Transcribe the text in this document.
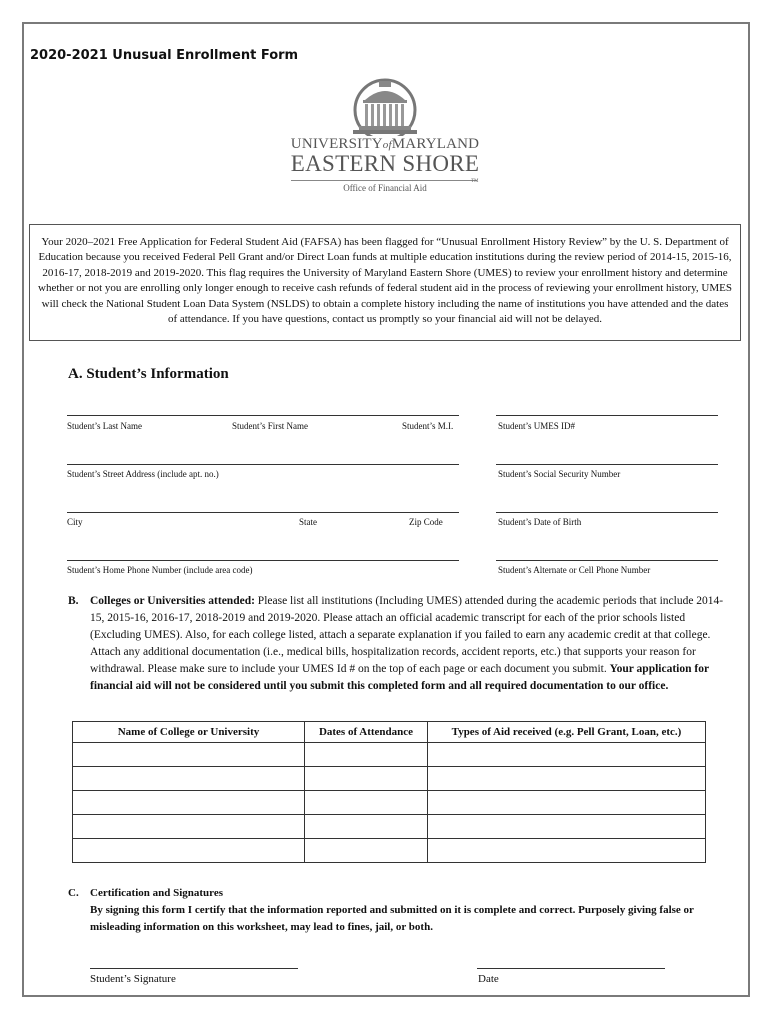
2020-2021 Unusual Enrollment Form
UNIVERSITYofMARYLAND
EASTERN SHORE
Office of Financial Aid
TM
Your 2020–2021 Free Application for Federal Student Aid (FAFSA) has been flagged for “Unusual Enrollment History Review” by the U. S. Department of Education because you received Federal Pell Grant and/or Direct Loan funds at multiple education institutions during the review period of 2014-15, 2015-16, 2016-17, 2018-2019 and 2019-2020. This flag requires the University of Maryland Eastern Shore (UMES) to review your enrollment history and determine whether or not you are enrolling only longer enough to receive cash refunds of federal student aid in the process of reviewing your enrollment history, UMES will check the National Student Loan Data System (NSLDS) to obtain a complete history including the name of institutions you have attended and the dates of attendance. If you have questions, contact us promptly so your financial aid will not be delayed.
A. Student’s Information
Student’s Last Name	Student’s First Name	Student’s M.I.	Student’s UMES ID#
Student’s Street Address (include apt. no.)	Student’s Social Security Number
City	State	Zip Code	Student’s Date of Birth
Student’s Home Phone Number (include area code)	Student’s Alternate or Cell Phone Number
B. Colleges or Universities attended: Please list all institutions (Including UMES) attended during the academic periods that include 2014-15, 2015-16, 2016-17, 2018-2019 and 2019-2020. Please attach an official academic transcript for each of the prior schools listed (Excluding UMES). Also, for each college listed, attach a separate explanation if you failed to earn any academic credit at that college. Attach any additional documentation (i.e., medical bills, hospitalization records, accident reports, etc.) that supports your reason for withdrawal. Please make sure to include your UMES Id # on the top of each page or each document you submit. Your application for financial aid will not be considered until you submit this completed form and all required documentation to our office.
Name of College or University	Dates of Attendance	Types of Aid received (e.g. Pell Grant, Loan, etc.)

C. Certification and Signatures
By signing this form I certify that the information reported and submitted on it is complete and correct. Purposely giving false or misleading information on this worksheet, may lead to fines, jail, or both.
Student’s Signature	Date
